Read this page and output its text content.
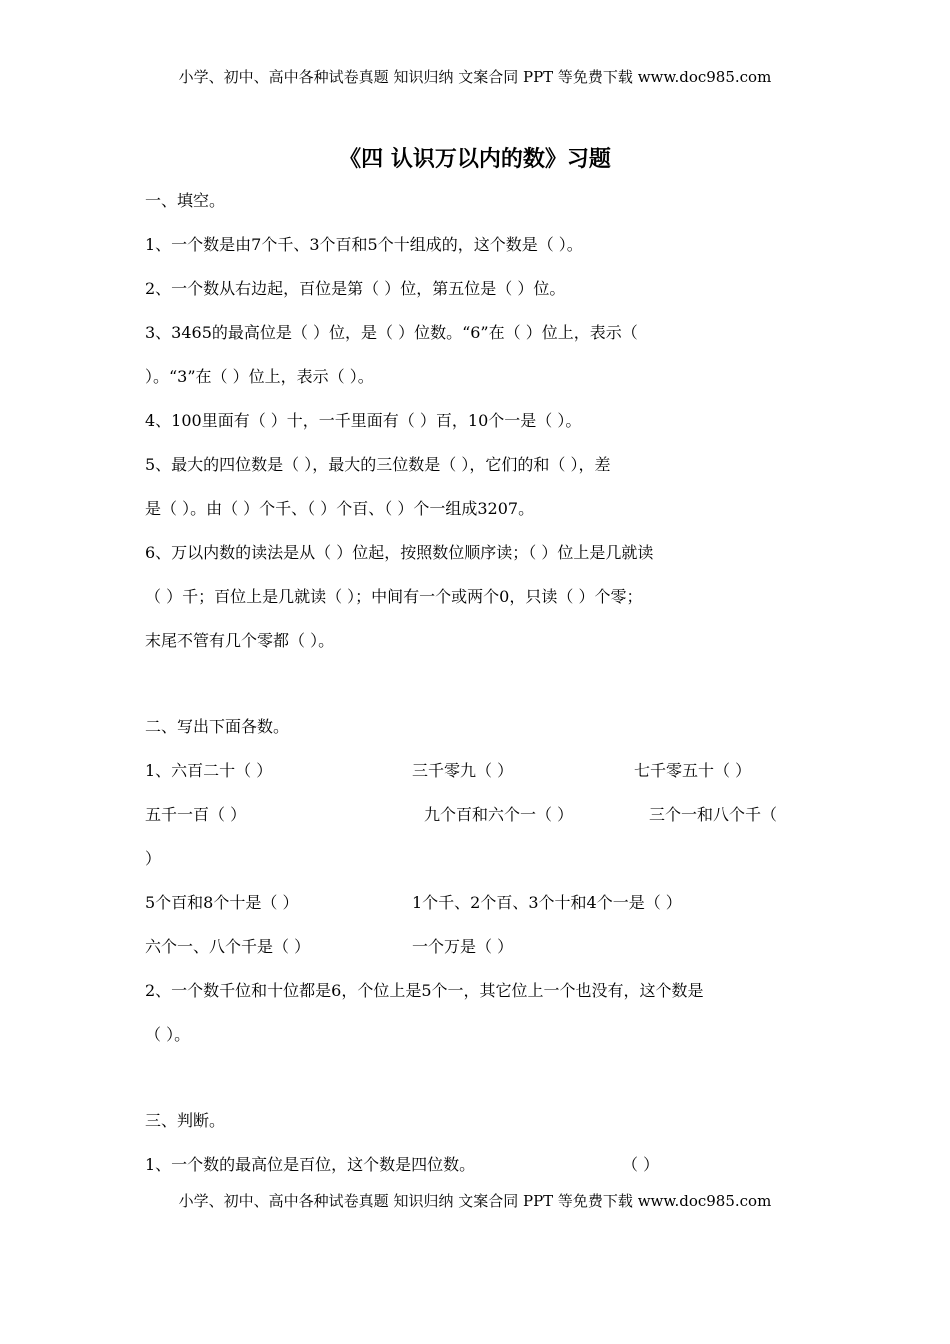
小学、初中、高中各种试卷真题 知识归纳 文案合同 PPT 等免费下载 www.doc985.com
《四 认识万以内的数》习题
一、填空。
1、一个数是由7个千、3个百和5个十组成的，这个数是（ ）。
2、一个数从右边起，百位是第（ ）位，第五位是（ ）位。
3、3465的最高位是（ ）位，是（ ）位数。“6”在（ ）位上，表示（
）。“3”在（ ）位上，表示（ ）。
4、100里面有（ ）十，一千里面有（ ）百，10个一是（ ）。
5、最大的四位数是（ ），最大的三位数是（ ），它们的和（ ），差
是（ ）。由（ ）个千、（ ）个百、（ ）个一组成3207。
6、万以内数的读法是从（ ）位起，按照数位顺序读；（ ）位上是几就读
（ ）千；百位上是几就读（ ）；中间有一个或两个0，只读（ ）个零；
末尾不管有几个零都（ ）。
二、写出下面各数。
1、六百二十（ ）	三千零九（ ）	七千零五十（ ）
五千一百（ ）	九个百和六个一（ ）	三个一和八个千（
）
5个百和8个十是（ ）	1个千、2个百、3个十和4个一是（ ）
六个一、八个千是（ ）	一个万是（ ）
2、一个数千位和十位都是6，个位上是5个一，其它位上一个也没有，这个数是
（ ）。
三、判断。
1、一个数的最高位是百位，这个数是四位数。	（ ）
小学、初中、高中各种试卷真题 知识归纳 文案合同 PPT 等免费下载 www.doc985.com
